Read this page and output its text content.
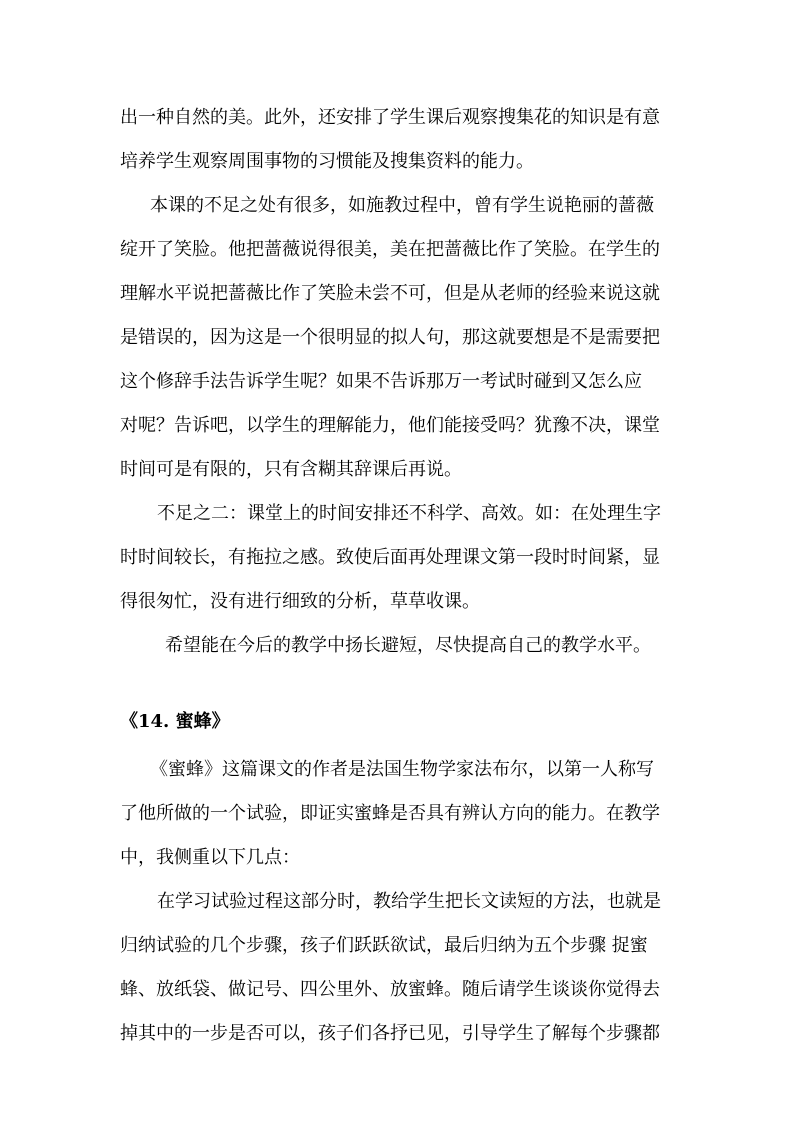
出一种自然的美。此外，还安排了学生课后观察搜集花的知识是有意
培养学生观察周围事物的习惯能及搜集资料的能力。
本课的不足之处有很多，如施教过程中，曾有学生说艳丽的蔷薇
绽开了笑脸。他把蔷薇说得很美，美在把蔷薇比作了笑脸。在学生的
理解水平说把蔷薇比作了笑脸未尝不可，但是从老师的经验来说这就
是错误的，因为这是一个很明显的拟人句，那这就要想是不是需要把
这个修辞手法告诉学生呢？如果不告诉那万一考试时碰到又怎么应
对呢？告诉吧，以学生的理解能力，他们能接受吗？犹豫不决，课堂
时间可是有限的，只有含糊其辞课后再说。
不足之二：课堂上的时间安排还不科学、高效。如：在处理生字
时时间较长，有拖拉之感。致使后面再处理课文第一段时时间紧，显
得很匆忙，没有进行细致的分析，草草收课。
希望能在今后的教学中扬长避短，尽快提高自己的教学水平。
《14. 蜜蜂》
《蜜蜂》这篇课文的作者是法国生物学家法布尔，以第一人称写
了他所做的一个试验，即证实蜜蜂是否具有辨认方向的能力。在教学
中，我侧重以下几点：
在学习试验过程这部分时，教给学生把长文读短的方法，也就是
归纳试验的几个步骤，孩子们跃跃欲试，最后归纳为五个步骤 捉蜜
蜂、放纸袋、做记号、四公里外、放蜜蜂。随后请学生谈谈你觉得去
掉其中的一步是否可以，孩子们各抒已见，引导学生了解每个步骤都
